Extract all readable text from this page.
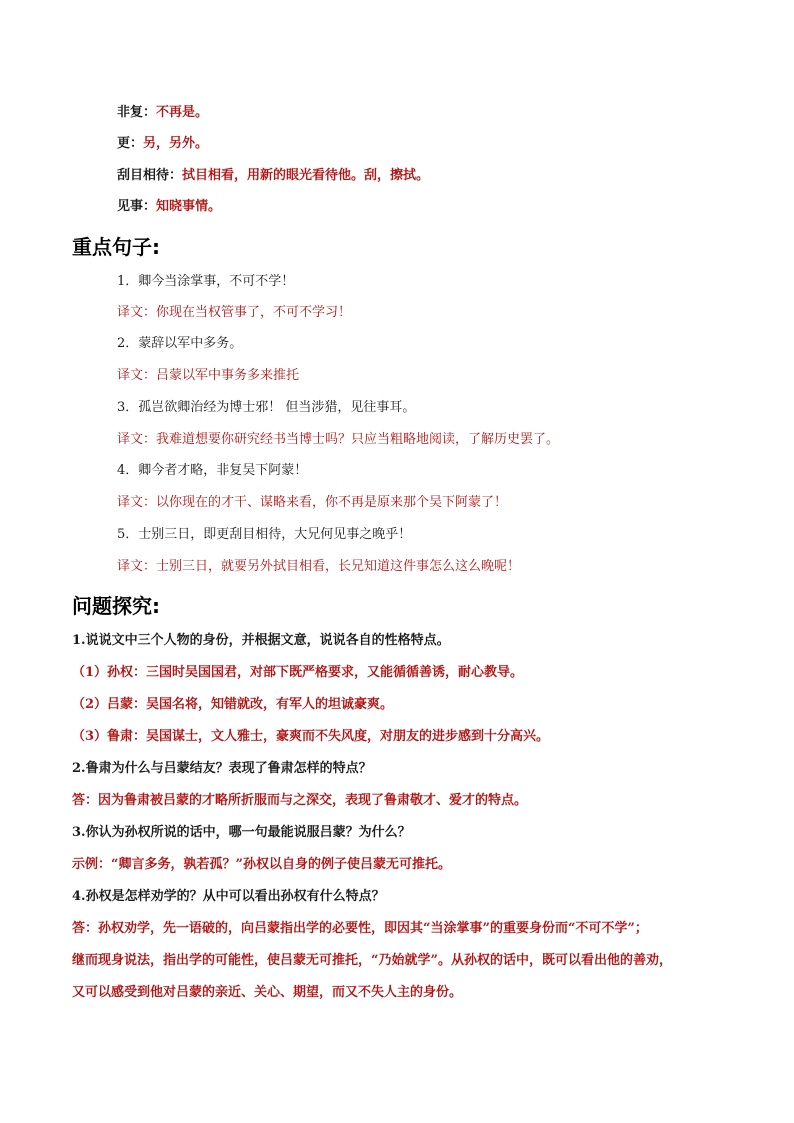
非复：不再是。
更：另，另外。
刮目相待：拭目相看，用新的眼光看待他。刮，擦拭。
见事：知晓事情。
重点句子:
1．卿今当涂掌事，不可不学！
译文：你现在当权管事了，不可不学习！
2．蒙辞以军中多务。
译文：吕蒙以军中事务多来推托
3．孤岂欲卿治经为博士邪！ 但当涉猎，见往事耳。
译文：我难道想要你研究经书当博士吗？只应当粗略地阅读，了解历史罢了。
4．卿今者才略，非复吴下阿蒙！
译文：以你现在的才干、谋略来看，你不再是原来那个吴下阿蒙了！
5．士别三日，即更刮目相待，大兄何见事之晚乎！
译文：士别三日，就要另外拭目相看，长兄知道这件事怎么这么晚呢！
问题探究:
1.说说文中三个人物的身份，并根据文意，说说各自的性格特点。
（1）孙权：三国时吴国国君，对部下既严格要求，又能循循善诱，耐心教导。
（2）吕蒙：吴国名将，知错就改，有军人的坦诚豪爽。
（3）鲁肃：吴国谋士，文人雅士，豪爽而不失风度，对朋友的进步感到十分高兴。
2.鲁肃为什么与吕蒙结友？表现了鲁肃怎样的特点？
答：因为鲁肃被吕蒙的才略所折服而与之深交，表现了鲁肃敬才、爱才的特点。
3.你认为孙权所说的话中，哪一句最能说服吕蒙？为什么？
示例：“卿言多务，孰若孤？”孙权以自身的例子使吕蒙无可推托。
4.孙权是怎样劝学的？从中可以看出孙权有什么特点？
答：孙权劝学，先一语破的，向吕蒙指出学的必要性，即因其“当涂掌事”的重要身份而“不可不学”；
继而现身说法，指出学的可能性，使吕蒙无可推托，“乃始就学”。从孙权的话中，既可以看出他的善劝，
又可以感受到他对吕蒙的亲近、关心、期望，而又不失人主的身份。
